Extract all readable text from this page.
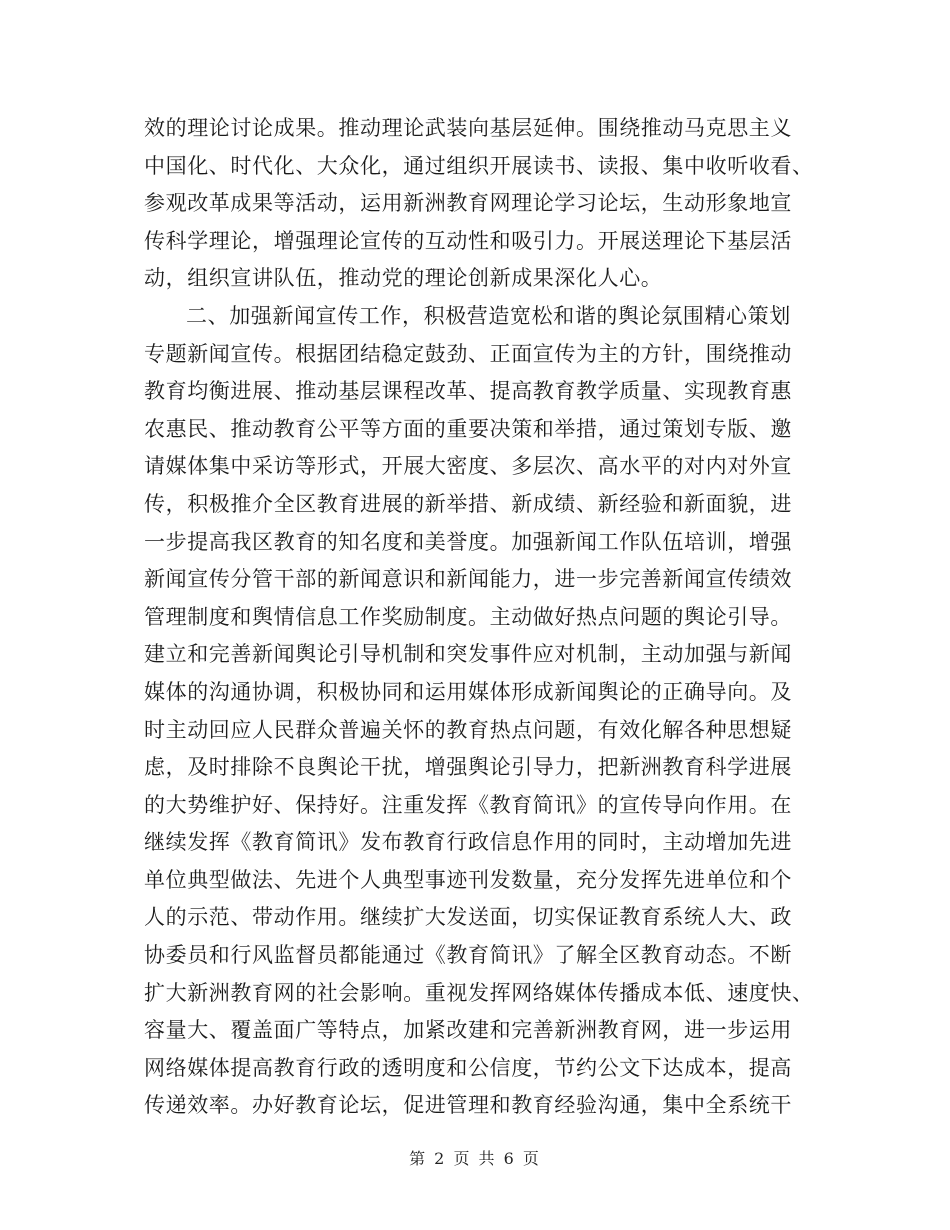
效的理论讨论成果。推动理论武装向基层延伸。围绕推动马克思主义
中国化、时代化、大众化，通过组织开展读书、读报、集中收听收看、
参观改革成果等活动，运用新洲教育网理论学习论坛，生动形象地宣
传科学理论，增强理论宣传的互动性和吸引力。开展送理论下基层活
动，组织宣讲队伍，推动党的理论创新成果深化人心。
二、加强新闻宣传工作，积极营造宽松和谐的舆论氛围精心策划
专题新闻宣传。根据团结稳定鼓劲、正面宣传为主的方针，围绕推动
教育均衡进展、推动基层课程改革、提高教育教学质量、实现教育惠
农惠民、推动教育公平等方面的重要决策和举措，通过策划专版、邀
请媒体集中采访等形式，开展大密度、多层次、高水平的对内对外宣
传，积极推介全区教育进展的新举措、新成绩、新经验和新面貌，进
一步提高我区教育的知名度和美誉度。加强新闻工作队伍培训，增强
新闻宣传分管干部的新闻意识和新闻能力，进一步完善新闻宣传绩效
管理制度和舆情信息工作奖励制度。主动做好热点问题的舆论引导。
建立和完善新闻舆论引导机制和突发事件应对机制，主动加强与新闻
媒体的沟通协调，积极协同和运用媒体形成新闻舆论的正确导向。及
时主动回应人民群众普遍关怀的教育热点问题，有效化解各种思想疑
虑，及时排除不良舆论干扰，增强舆论引导力，把新洲教育科学进展
的大势维护好、保持好。注重发挥《教育简讯》的宣传导向作用。在
继续发挥《教育简讯》发布教育行政信息作用的同时，主动增加先进
单位典型做法、先进个人典型事迹刊发数量，充分发挥先进单位和个
人的示范、带动作用。继续扩大发送面，切实保证教育系统人大、政
协委员和行风监督员都能通过《教育简讯》了解全区教育动态。不断
扩大新洲教育网的社会影响。重视发挥网络媒体传播成本低、速度快、
容量大、覆盖面广等特点，加紧改建和完善新洲教育网，进一步运用
网络媒体提高教育行政的透明度和公信度，节约公文下达成本，提高
传递效率。办好教育论坛，促进管理和教育经验沟通，集中全系统干
第 2 页 共 6 页
